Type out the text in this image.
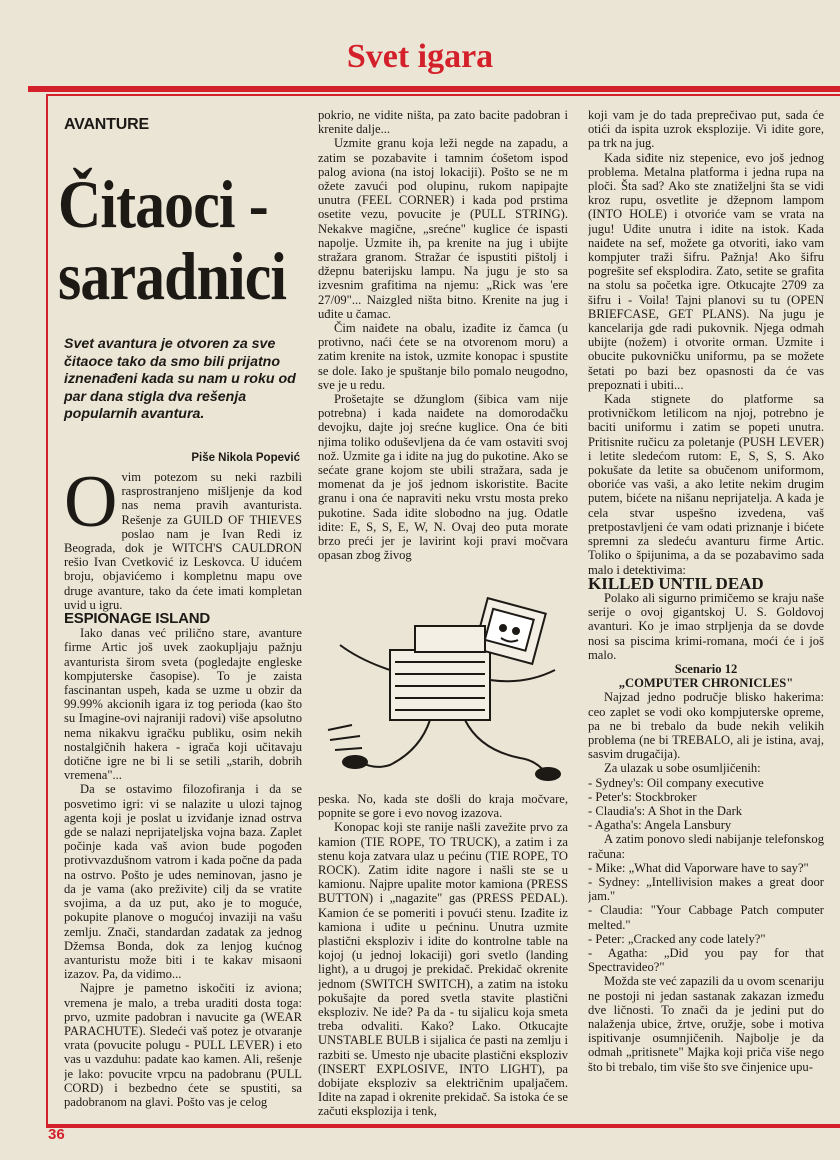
Svet igara
AVANTURE
Čitaoci -
saradnici
Svet avantura je otvoren za sve čitaoce tako da smo bili prijatno iznenađeni kada su nam u roku od par dana stigla dva rešenja popularnih avantura.
Piše Nikola Popević

Ovim potezom su neki razbili rasprostranjeno mišljenje da kod nas nema pravih avanturista. Rešenje za GUILD OF THIEVES poslao nam je Ivan Redi iz Beograda, dok je WITCH'S CAULDRON rešio Ivan Cvetković iz Leskovca. U idućem broju, objavićemo i kompletnu mapu ove druge avanture, tako da ćete imati kompletan uvid u igru.

ESPIONAGE ISLAND

Iako danas već prilično stare, avanture firme Artic još uvek zaokupljaju pažnju avanturista širom sveta (pogledajte engleske kompjuterske časopise). To je zaista fascinantan uspeh, kada se uzme u obzir da 99.99% akcionih igara iz tog perioda (kao što su Imagine-ovi najraniji radovi) više apsolutno nema nikakvu igračku publiku, osim nekih nostalgičnih hakera - igrača koji učitavaju dotične igre ne bi li se setili „starih, dobrih vremena"...

Da se ostavimo filozofiranja i da se posvetimo igri: vi se nalazite u ulozi tajnog agenta koji je poslat u izviđanje iznad ostrva gde se nalazi neprijateljska vojna baza. Zaplet počinje kada vaš avion bude pogođen protivvazdušnom vatrom i kada počne da pada na ostrvo. Pošto je udes neminovan, jasno je da je vama (ako preživite) cilj da se vratite svojima, a da uz put, ako je to moguće, pokupite planove o mogućoj invaziji na vašu zemlju. Znači, standardan zadatak za jednog Džemsa Bonda, dok za lenjog kućnog avanturistu može biti i te kakav misaoni izazov. Pa, da vidimo...

Najpre je pametno iskočiti iz aviona; vremena je malo, a treba uraditi dosta toga: prvo, uzmite padobran i navucite ga (WEAR PARACHUTE). Sledeći vaš potez je otvaranje vrata (povucite polugu - PULL LEVER) i eto vas u vazduhu: padate kao kamen. Ali, rešenje je lako: povucite vrpcu na padobranu (PULL CORD) i bezbedno ćete se spustiti, sa padobranom na glavi. Pošto vas je celog

pokrio, ne vidite ništa, pa zato bacite padobran i krenite dalje...

Uzmite granu koja leži negde na zapadu, a zatim se pozabavite i tamnim ćošetom ispod palog aviona (na istoj lokaciji). Pošto se ne m ožete zavući pod olupinu, rukom napipajte unutra (FEEL CORNER) i kada pod prstima osetite vezu, povucite je (PULL STRING). Nekakve magične, „srećne" kuglice će ispasti napolje. Uzmite ih, pa krenite na jug i ubijte stražara granom. Stražar će ispustiti pištolj i džepnu baterijsku lampu. Na jugu je sto sa izvesnim grafitima na njemu: „Rick was 'ere 27/09"... Naizgled ništa bitno. Krenite na jug i uđite u čamac.

Čim naiđete na obalu, izađite iz čamca (u protivno, naći ćete se na otvorenom moru) a zatim krenite na istok, uzmite konopac i spustite se dole. Iako je spuštanje bilo pomalo neugodno, sve je u redu.

Prošetajte se džunglom (šibica vam nije potrebna) i kada naiđete na domorodačku devojku, dajte joj srećne kuglice. Ona će biti njima toliko oduševljena da će vam ostaviti svoj nož. Uzmite ga i idite na jug do pukotine. Ako se sećate grane kojom ste ubili stražara, sada je momenat da je još jednom iskoristite. Bacite granu i ona će napraviti neku vrstu mosta preko pukotine. Sada idite slobodno na jug. Odatle idite: E, S, S, E, W, N. Ovaj deo puta morate brzo preći jer je lavirint koji pravi močvara opasan zbog živog

peska. No, kada ste došli do kraja močvare, popnite se gore i evo novog izazova.

Konopac koji ste ranije našli zavežite prvo za kamion (TIE ROPE, TO TRUCK), a zatim i za stenu koja zatvara ulaz u pećinu (TIE ROPE, TO ROCK). Zatim idite nagore i našli ste se u kamionu. Najpre upalite motor kamiona (PRESS BUTTON) i „nagazite" gas (PRESS PEDAL). Kamion će se pomeriti i povući stenu. Izađite iz kamiona i uđite u pećninu. Unutra uzmite plastični eksploziv i idite do kontrolne table na kojoj (u jednoj lokaciji) gori svetlo (landing light), a u drugoj je prekidač. Prekidač okrenite jednom (SWITCH SWITCH), a zatim na istoku pokušajte da pored svetla stavite plastični eksploziv. Ne ide? Pa da - tu sijalicu koja smeta treba odvaliti. Kako? Lako. Otkucajte UNSTABLE BULB i sijalica će pasti na zemlju i razbiti se. Umesto nje ubacite plastični eksploziv (INSERT EXPLOSIVE, INTO LIGHT), pa dobijate eksploziv sa električnim upaljačem. Idite na zapad i okrenite prekidač. Sa istoka će se začuti eksplozija i tenk,

koji vam je do tada preprečivao put, sada će otići da ispita uzrok eksplozije. Vi idite gore, pa trk na jug.

Kada siđite niz stepenice, evo još jednog problema. Metalna platforma i jedna rupa na ploči. Šta sad? Ako ste znatiželjni šta se vidi kroz rupu, osvetlite je džepnom lampom (INTO HOLE) i otvoriće vam se vrata na jugu! Uđite unutra i idite na istok. Kada naiđete na sef, možete ga otvoriti, iako vam kompjuter traži šifru. Pažnja! Ako šifru pogrešite sef eksplodira. Zato, setite se grafita na stolu sa početka igre. Otkucajte 2709 za šifru i - Voila! Tajni planovi su tu (OPEN BRIEFCASE, GET PLANS). Na jugu je kancelarija gde radi pukovnik. Njega odmah ubijte (nožem) i otvorite orman. Uzmite i obucite pukovničku uniformu, pa se možete šetati po bazi bez opasnosti da će vas prepoznati i ubiti...

Kada stignete do platforme sa protivničkom letilicom na njoj, potrebno je baciti uniformu i zatim se popeti unutra. Pritisnite ručicu za poletanje (PUSH LEVER) i letite sledećom rutom: E, S, S, S. Ako pokušate da letite sa obučenom uniformom, oboriće vas vaši, a ako letite nekim drugim putem, bićete na nišanu neprijatelja. A kada je cela stvar uspešno izvedena, vaš pretpostavljeni će vam odati priznanje i bićete spremni za sledeću avanturu firme Artic. Toliko o špijunima, a da se pozabavimo sada malo i detektivima:

KILLED UNTIL DEAD

Polako ali sigurno primičemo se kraju naše serije o ovoj gigantskoj U. S. Goldovoj avanturi. Ko je imao strpljenja da se dovde nosi sa piscima krimi-romana, moći će i još malo.

Scenario 12

„COMPUTER CHRONICLES"

Najzad jedno područje blisko hakerima: ceo zaplet se vodi oko kompjuterske opreme, pa ne bi trebalo da bude nekih velikih problema (ne bi TREBALO, ali je istina, avaj, sasvim drugačija).

Za ulazak u sobe osumljičenih:

- Sydney's: Oil company executive

- Peter's: Stockbroker

- Claudia's: A Shot in the Dark

- Agatha's: Angela Lansbury

A zatim ponovo sledi nabijanje telefonskog računa:

- Mike: „What did Vaporware have to say?"

- Sydney: „Intellivision makes a great door jam."

- Claudia: "Your Cabbage Patch computer melted."

- Peter: „Cracked any code lately?"

- Agatha: „Did you pay for that Spectravideo?"

Možda ste već zapazili da u ovom scenariju ne postoji ni jedan sastanak zakazan između dve ličnosti. To znači da je jedini put do nalaženja ubice, žrtve, oružje, sobe i motiva ispitivanje osumnjičenih. Najbolje je da odmah „pritisnete" Majka koji priča više nego što bi trebalo, tim više što sve činjenice upu-

36
